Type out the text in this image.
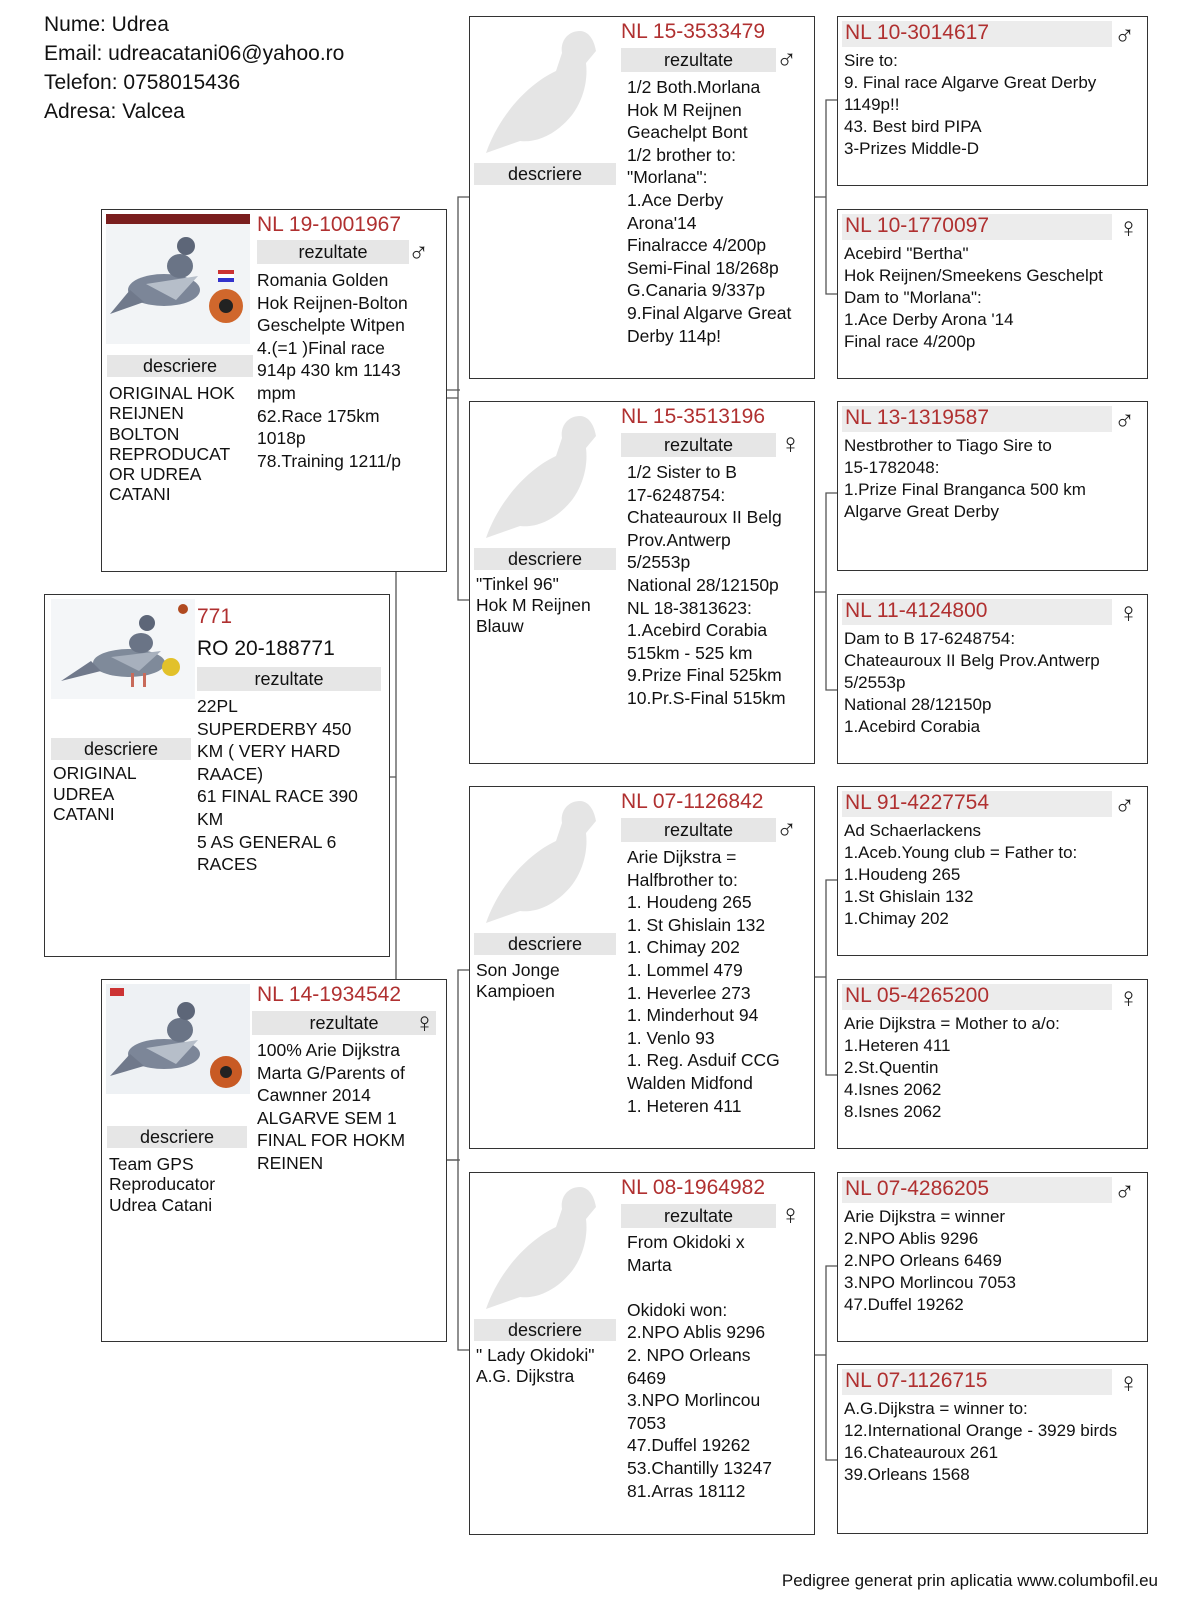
Nume: Udrea
Email: udreacatani06@yahoo.ro
Telefon: 0758015436
Adresa: Valcea
771
RO 20-188771
rezultate
22PL
SUPERDERBY 450
KM ( VERY HARD
RAACE)
61 FINAL RACE 390
KM
5 AS GENERAL 6
RACES
descriere
ORIGINAL
UDREA
CATANI
NL 19-1001967
rezultate	♂
Romania Golden
Hok Reijnen-Bolton
Geschelpte Witpen
4.(=1 )Final race
914p 430 km 1143
mpm
62.Race 175km
1018p
78.Training 1211/p
descriere
ORIGINAL HOK
REIJNEN
BOLTON
REPRODUCAT
OR UDREA
CATANI
NL 14-1934542
rezultate	♀
100% Arie Dijkstra
Marta G/Parents of
Cawnner 2014
ALGARVE SEM 1
FINAL FOR HOKM
REINEN
descriere
Team GPS
Reproducator
Udrea Catani
NL 15-3533479
rezultate	♂
1/2 Both.Morlana
Hok M Reijnen
Geachelpt Bont
1/2 brother to:
"Morlana":
1.Ace Derby
Arona'14
Finalracce 4/200p
Semi-Final 18/268p
G.Canaria 9/337p
9.Final Algarve Great
Derby 114p!
descriere
NL 15-3513196
rezultate	♀
1/2 Sister to B
17-6248754:
Chateauroux II Belg
Prov.Antwerp
5/2553p
National 28/12150p
NL 18-3813623:
1.Acebird Corabia
515km - 525 km
9.Prize Final 525km
10.Pr.S-Final 515km
descriere
"Tinkel 96"
Hok M Reijnen
Blauw
NL 07-1126842
rezultate	♂
Arie Dijkstra =
Halfbrother to:
1. Houdeng 265
1. St Ghislain 132
1. Chimay 202
1. Lommel 479
1. Heverlee 273
1. Minderhout 94
1. Venlo 93
1. Reg. Asduif CCG
Walden Midfond
1. Heteren 411
descriere
Son Jonge
Kampioen
NL 08-1964982
rezultate	♀
From Okidoki x
Marta

Okidoki won:
2.NPO Ablis 9296
2. NPO Orleans
6469
3.NPO Morlincou
7053
47.Duffel 19262
53.Chantilly 13247
81.Arras 18112
descriere
" Lady Okidoki"
A.G. Dijkstra
NL 10-3014617	♂
Sire to:
9. Final race Algarve Great Derby
1149p!!
43. Best bird PIPA
3-Prizes Middle-D
NL 10-1770097	♀
Acebird "Bertha"
Hok Reijnen/Smeekens Geschelpt
Dam to "Morlana":
1.Ace Derby Arona '14
Final race 4/200p
NL 13-1319587	♂
Nestbrother to Tiago Sire to
15-1782048:
1.Prize Final Branganca 500 km
Algarve Great Derby
NL 11-4124800	♀
Dam to B 17-6248754:
Chateauroux II Belg Prov.Antwerp
5/2553p
National 28/12150p
1.Acebird Corabia
NL 91-4227754	♂
Ad Schaerlackens
1.Aceb.Young club = Father to:
1.Houdeng 265
1.St Ghislain 132
1.Chimay 202
NL 05-4265200	♀
Arie Dijkstra = Mother to a/o:
1.Heteren 411
2.St.Quentin
4.Isnes 2062
8.Isnes 2062
NL 07-4286205	♂
Arie Dijkstra = winner
2.NPO Ablis 9296
2.NPO Orleans 6469
3.NPO Morlincou 7053
47.Duffel 19262
NL 07-1126715	♀
A.G.Dijkstra = winner to:
12.International Orange - 3929 birds
16.Chateauroux 261
39.Orleans 1568
Pedigree generat prin aplicatia www.columbofil.eu
